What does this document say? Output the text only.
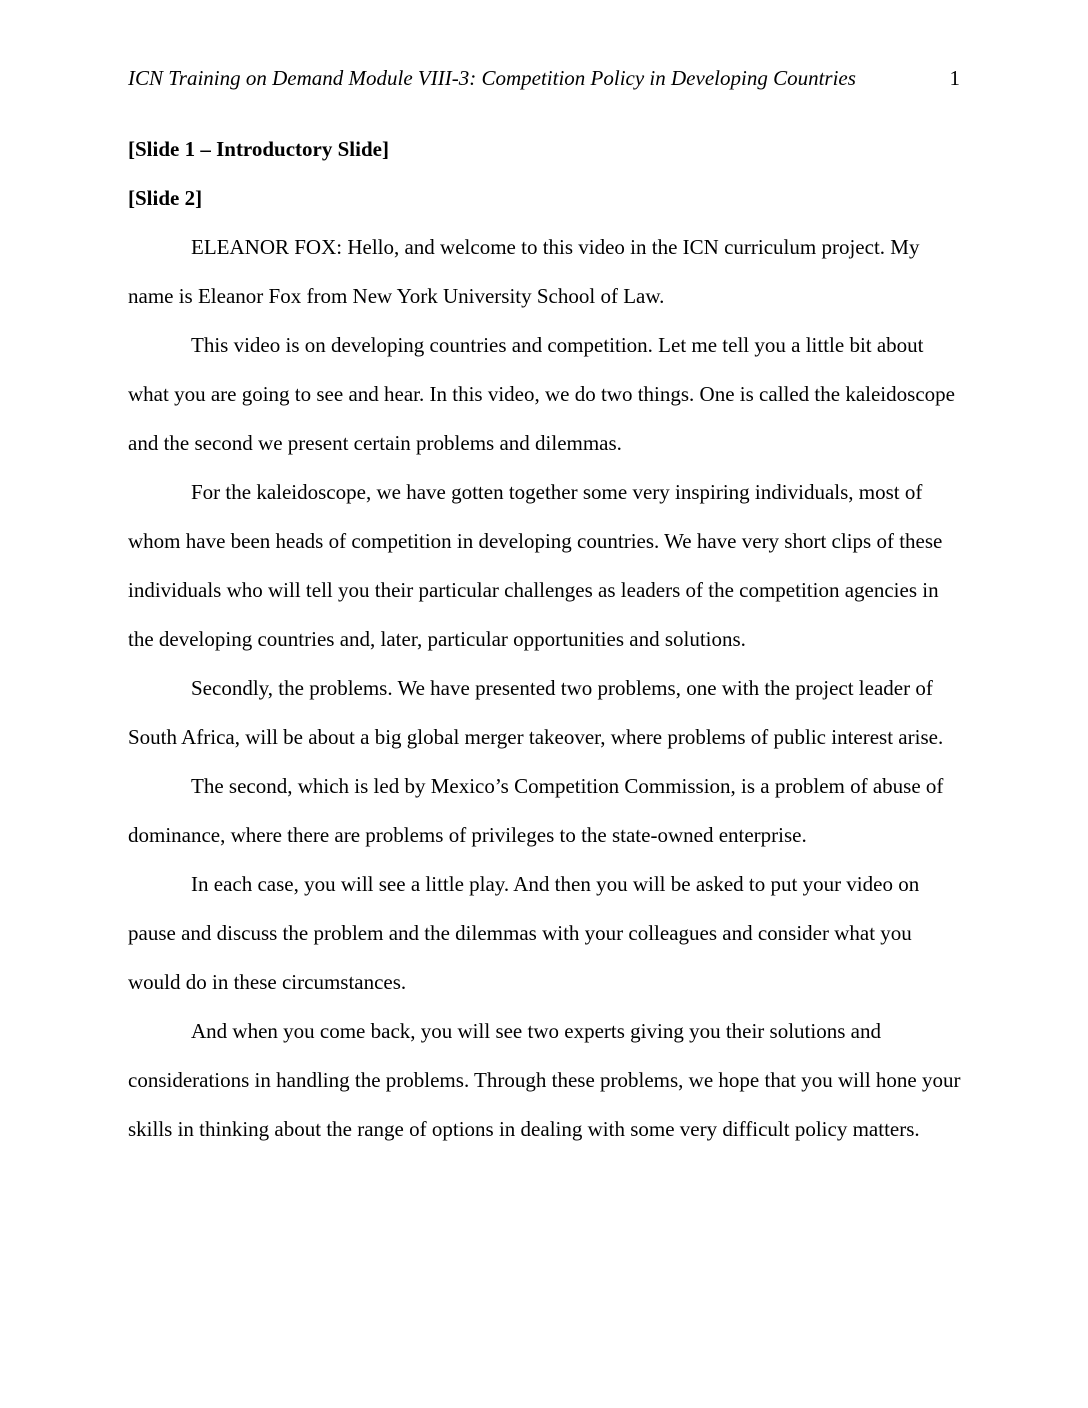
ICN Training on Demand Module VIII-3: Competition Policy in Developing Countries	1

[Slide 1 – Introductory Slide]

[Slide 2]

ELEANOR FOX: Hello, and welcome to this video in the ICN curriculum project. My name is Eleanor Fox from New York University School of Law.

This video is on developing countries and competition. Let me tell you a little bit about what you are going to see and hear. In this video, we do two things. One is called the kaleidoscope and the second we present certain problems and dilemmas.

For the kaleidoscope, we have gotten together some very inspiring individuals, most of whom have been heads of competition in developing countries. We have very short clips of these individuals who will tell you their particular challenges as leaders of the competition agencies in the developing countries and, later, particular opportunities and solutions.

Secondly, the problems. We have presented two problems, one with the project leader of South Africa, will be about a big global merger takeover, where problems of public interest arise.

The second, which is led by Mexico’s Competition Commission, is a problem of abuse of dominance, where there are problems of privileges to the state-owned enterprise.

In each case, you will see a little play. And then you will be asked to put your video on pause and discuss the problem and the dilemmas with your colleagues and consider what you would do in these circumstances.

And when you come back, you will see two experts giving you their solutions and considerations in handling the problems. Through these problems, we hope that you will hone your skills in thinking about the range of options in dealing with some very difficult policy matters.
